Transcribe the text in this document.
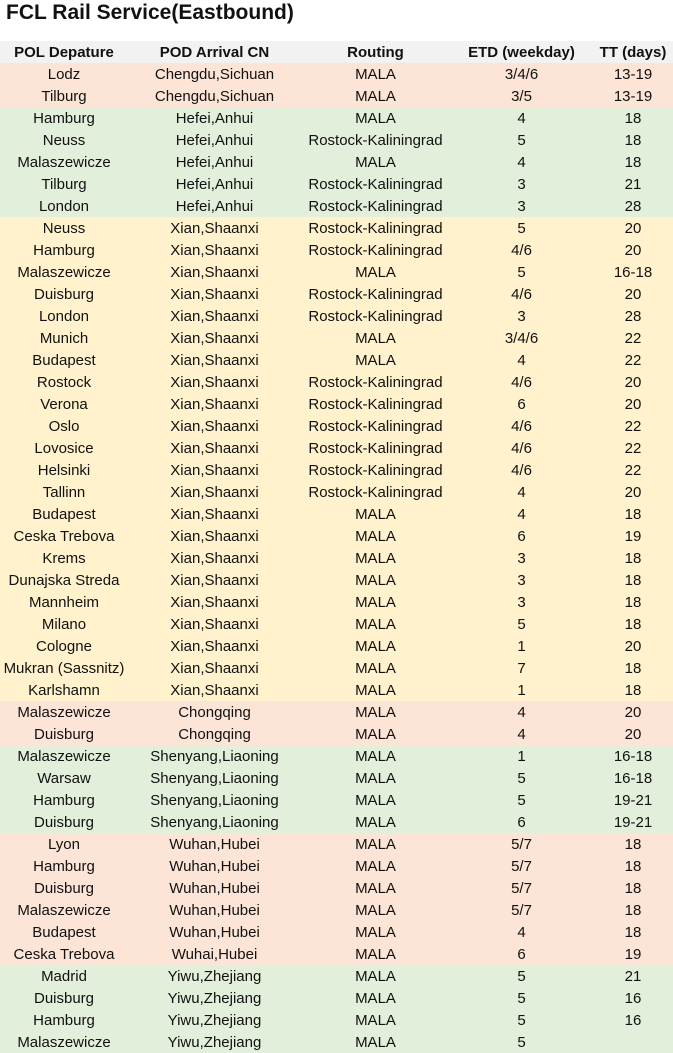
FCL Rail Service(Eastbound)
POL Depature	POD Arrival CN	Routing	ETD (weekday)	TT (days)
Lodz	Chengdu,Sichuan	MALA	3/4/6	13-19
Tilburg	Chengdu,Sichuan	MALA	3/5	13-19
Hamburg	Hefei,Anhui	MALA	4	18
Neuss	Hefei,Anhui	Rostock-Kaliningrad	5	18
Malaszewicze	Hefei,Anhui	MALA	4	18
Tilburg	Hefei,Anhui	Rostock-Kaliningrad	3	21
London	Hefei,Anhui	Rostock-Kaliningrad	3	28
Neuss	Xian,Shaanxi	Rostock-Kaliningrad	5	20
Hamburg	Xian,Shaanxi	Rostock-Kaliningrad	4/6	20
Malaszewicze	Xian,Shaanxi	MALA	5	16-18
Duisburg	Xian,Shaanxi	Rostock-Kaliningrad	4/6	20
London	Xian,Shaanxi	Rostock-Kaliningrad	3	28
Munich	Xian,Shaanxi	MALA	3/4/6	22
Budapest	Xian,Shaanxi	MALA	4	22
Rostock	Xian,Shaanxi	Rostock-Kaliningrad	4/6	20
Verona	Xian,Shaanxi	Rostock-Kaliningrad	6	20
Oslo	Xian,Shaanxi	Rostock-Kaliningrad	4/6	22
Lovosice	Xian,Shaanxi	Rostock-Kaliningrad	4/6	22
Helsinki	Xian,Shaanxi	Rostock-Kaliningrad	4/6	22
Tallinn	Xian,Shaanxi	Rostock-Kaliningrad	4	20
Budapest	Xian,Shaanxi	MALA	4	18
Ceska Trebova	Xian,Shaanxi	MALA	6	19
Krems	Xian,Shaanxi	MALA	3	18
Dunajska Streda	Xian,Shaanxi	MALA	3	18
Mannheim	Xian,Shaanxi	MALA	3	18
Milano	Xian,Shaanxi	MALA	5	18
Cologne	Xian,Shaanxi	MALA	1	20
Mukran (Sassnitz)	Xian,Shaanxi	MALA	7	18
Karlshamn	Xian,Shaanxi	MALA	1	18
Malaszewicze	Chongqing	MALA	4	20
Duisburg	Chongqing	MALA	4	20
Malaszewicze	Shenyang,Liaoning	MALA	1	16-18
Warsaw	Shenyang,Liaoning	MALA	5	16-18
Hamburg	Shenyang,Liaoning	MALA	5	19-21
Duisburg	Shenyang,Liaoning	MALA	6	19-21
Lyon	Wuhan,Hubei	MALA	5/7	18
Hamburg	Wuhan,Hubei	MALA	5/7	18
Duisburg	Wuhan,Hubei	MALA	5/7	18
Malaszewicze	Wuhan,Hubei	MALA	5/7	18
Budapest	Wuhan,Hubei	MALA	4	18
Ceska Trebova	Wuhai,Hubei	MALA	6	19
Madrid	Yiwu,Zhejiang	MALA	5	21
Duisburg	Yiwu,Zhejiang	MALA	5	16
Hamburg	Yiwu,Zhejiang	MALA	5	16
Malaszewicze	Yiwu,Zhejiang	MALA	5	
